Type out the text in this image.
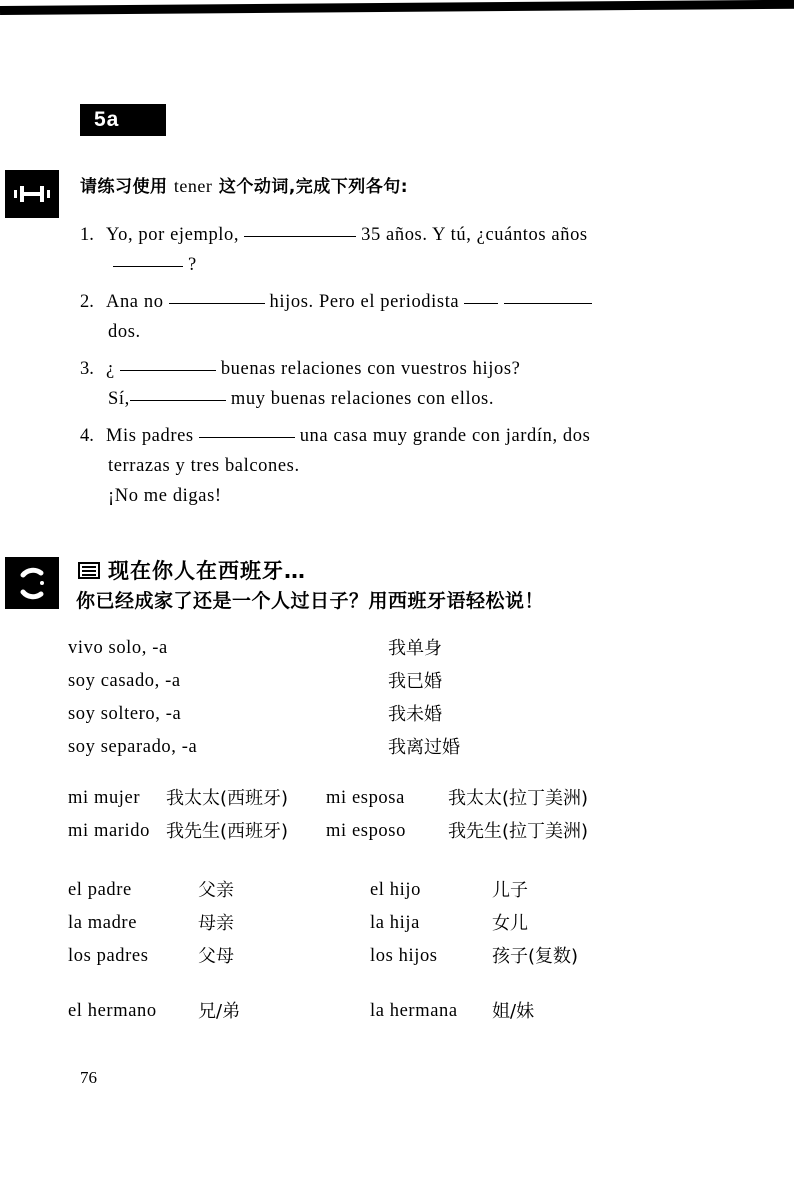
5a
请练习使用 tener 这个动词,完成下列各句:
1. Yo, por ejemplo,	35 años. Y tú, ¿cuántos años
?
2. Ana no	hijos. Pero el periodista
dos.
3. ¿	buenas relaciones con vuestros hijos?
Sí,	muy buenas relaciones con ellos.
4. Mis padres	una casa muy grande con jardín, dos
terrazas y tres balcones.
¡No me digas!
现在你人在西班牙…
你已经成家了还是一个人过日子？用西班牙语轻松说！
vivo solo, -a	我单身
soy casado, -a	我已婚
soy soltero, -a	我未婚
soy separado, -a	我离过婚
mi mujer	我太太(西班牙)	mi esposa	我太太(拉丁美洲)
mi marido 我先生(西班牙)	mi esposo	我先生(拉丁美洲)
el padre	父亲	el hijo	儿子
la madre	母亲	la hija	女儿
los padres	父母	los hijos	孩子(复数)
el hermano	兄/弟	la hermana	姐/妹
76
